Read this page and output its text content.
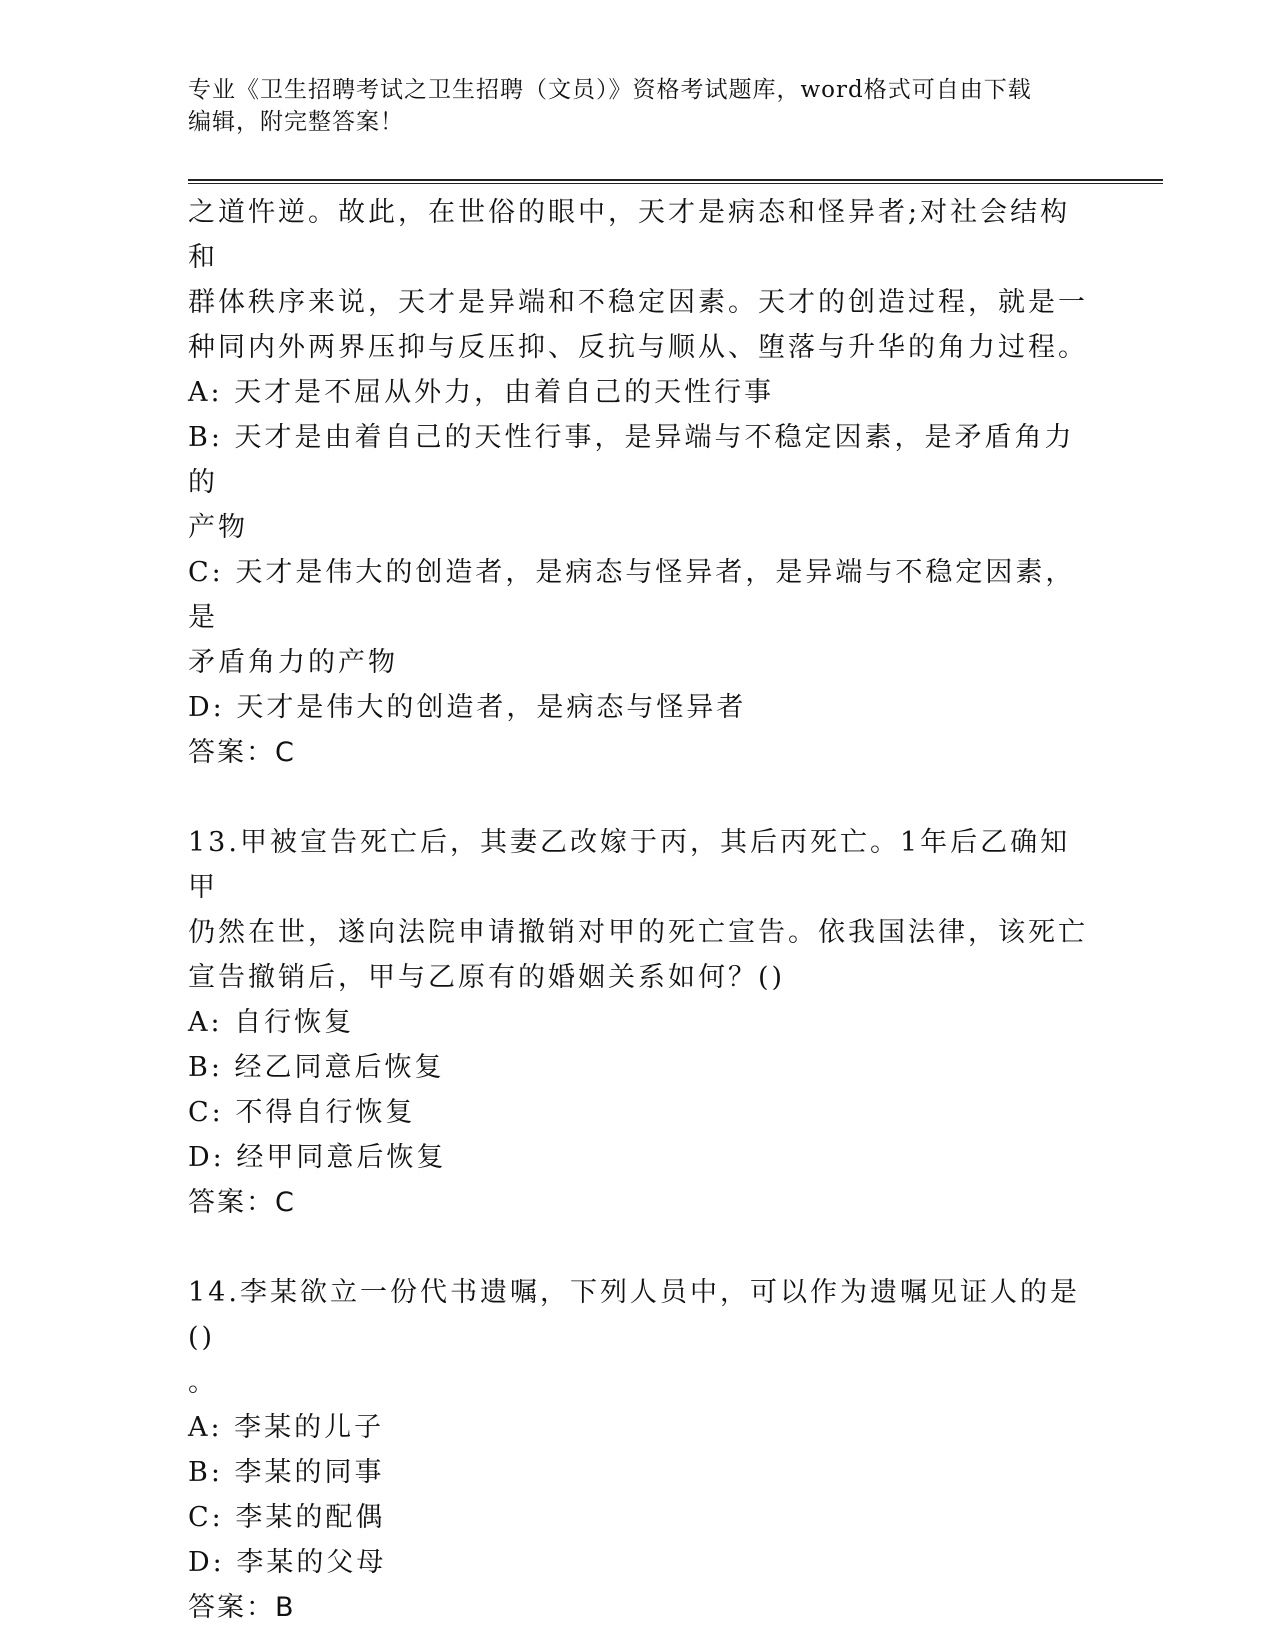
专业《卫生招聘考试之卫生招聘（文员）》资格考试题库，word格式可自由下载
编辑，附完整答案！

之道忤逆。故此，在世俗的眼中，天才是病态和怪异者;对社会结构和

群体秩序来说，天才是异端和不稳定因素。天才的创造过程，就是一

种同内外两界压抑与反压抑、反抗与顺从、堕落与升华的角力过程。

A: 天才是不屈从外力，由着自己的天性行事

B: 天才是由着自己的天性行事，是异端与不稳定因素，是矛盾角力的

产物

C: 天才是伟大的创造者，是病态与怪异者，是异端与不稳定因素，是

矛盾角力的产物

D: 天才是伟大的创造者，是病态与怪异者

答案：C

13.甲被宣告死亡后，其妻乙改嫁于丙，其后丙死亡。1年后乙确知甲

仍然在世，遂向法院申请撤销对甲的死亡宣告。依我国法律，该死亡

宣告撤销后，甲与乙原有的婚姻关系如何？()

A: 自行恢复

B: 经乙同意后恢复

C: 不得自行恢复

D: 经甲同意后恢复

答案：C

14.李某欲立一份代书遗嘱，下列人员中，可以作为遗嘱见证人的是()

。

A: 李某的儿子

B: 李某的同事

C: 李某的配偶

D: 李某的父母

答案：B
